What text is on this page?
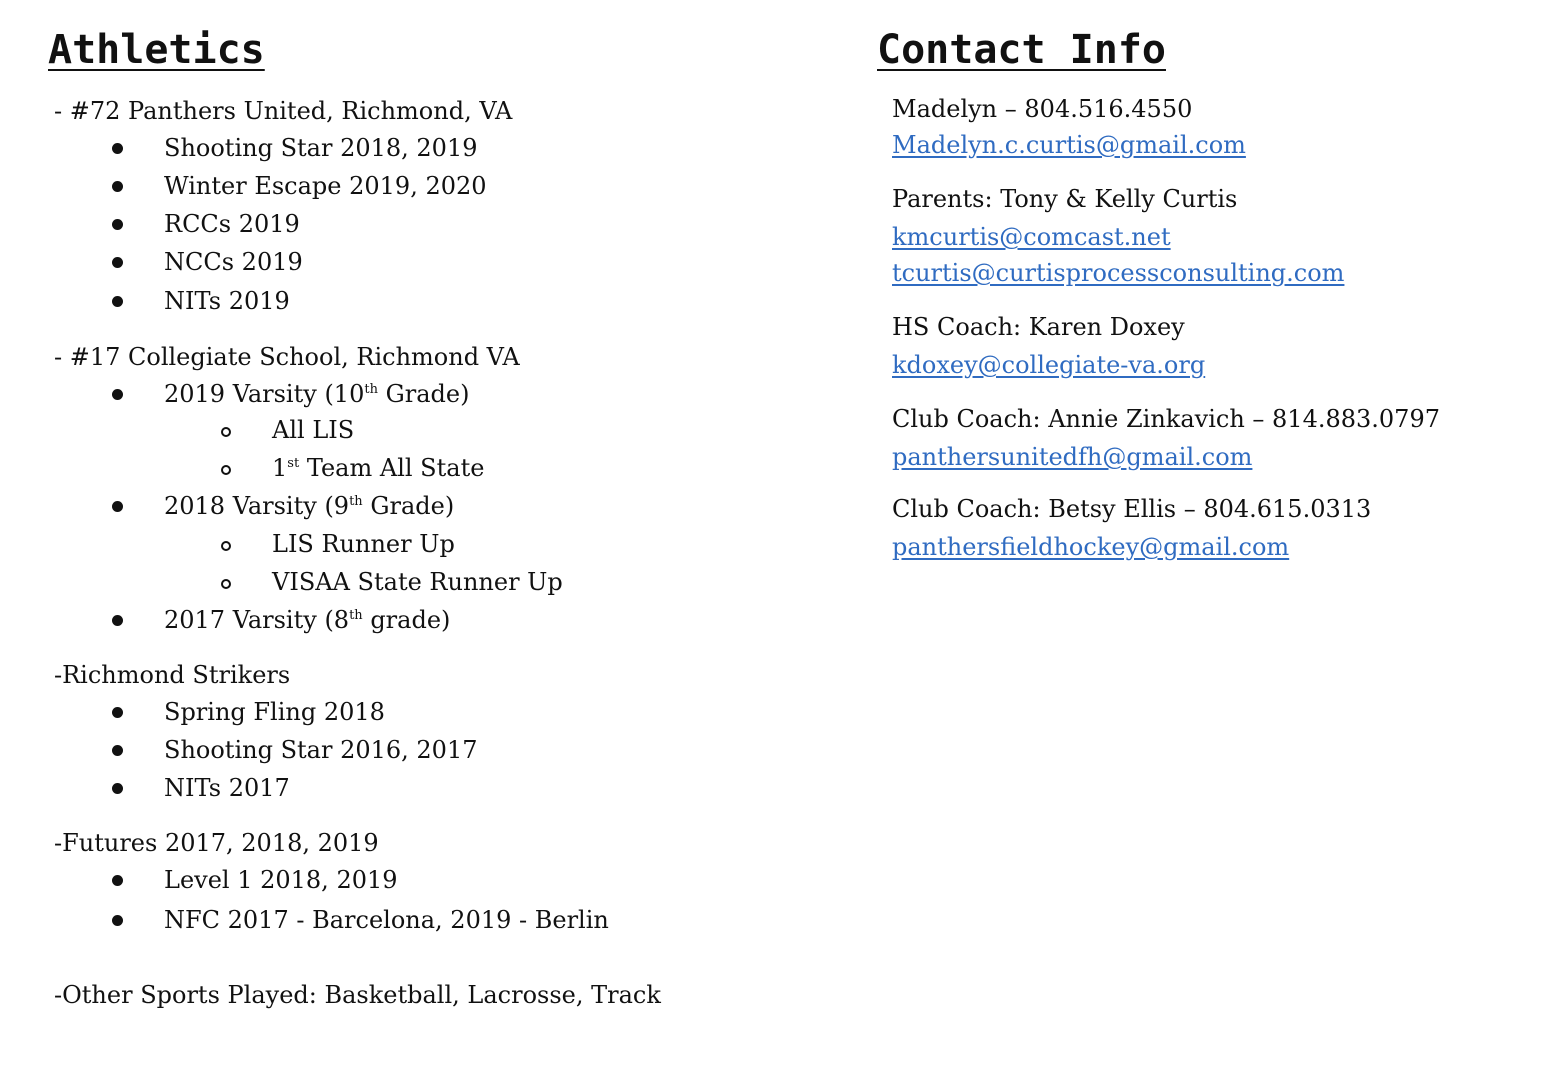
Athletics
- #72 Panthers United, Richmond, VA
Shooting Star 2018, 2019
Winter Escape 2019, 2020
RCCs 2019
NCCs 2019
NITs 2019
- #17 Collegiate School, Richmond VA
2019 Varsity (10th Grade)
All LIS
1st Team All State
2018 Varsity (9th Grade)
LIS Runner Up
VISAA State Runner Up
2017 Varsity (8th grade)
-Richmond Strikers
Spring Fling 2018
Shooting Star 2016, 2017
NITs 2017
-Futures 2017, 2018, 2019
Level 1 2018, 2019
NFC 2017 - Barcelona, 2019 - Berlin
-Other Sports Played: Basketball, Lacrosse, Track
Contact Info
Madelyn – 804.516.4550
Madelyn.c.curtis@gmail.com
Parents: Tony & Kelly Curtis
kmcurtis@comcast.net
tcurtis@curtisprocessconsulting.com
HS Coach: Karen Doxey
kdoxey@collegiate-va.org
Club Coach: Annie Zinkavich – 814.883.0797
panthersunitedfh@gmail.com
Club Coach: Betsy Ellis – 804.615.0313
panthersfieldhockey@gmail.com
